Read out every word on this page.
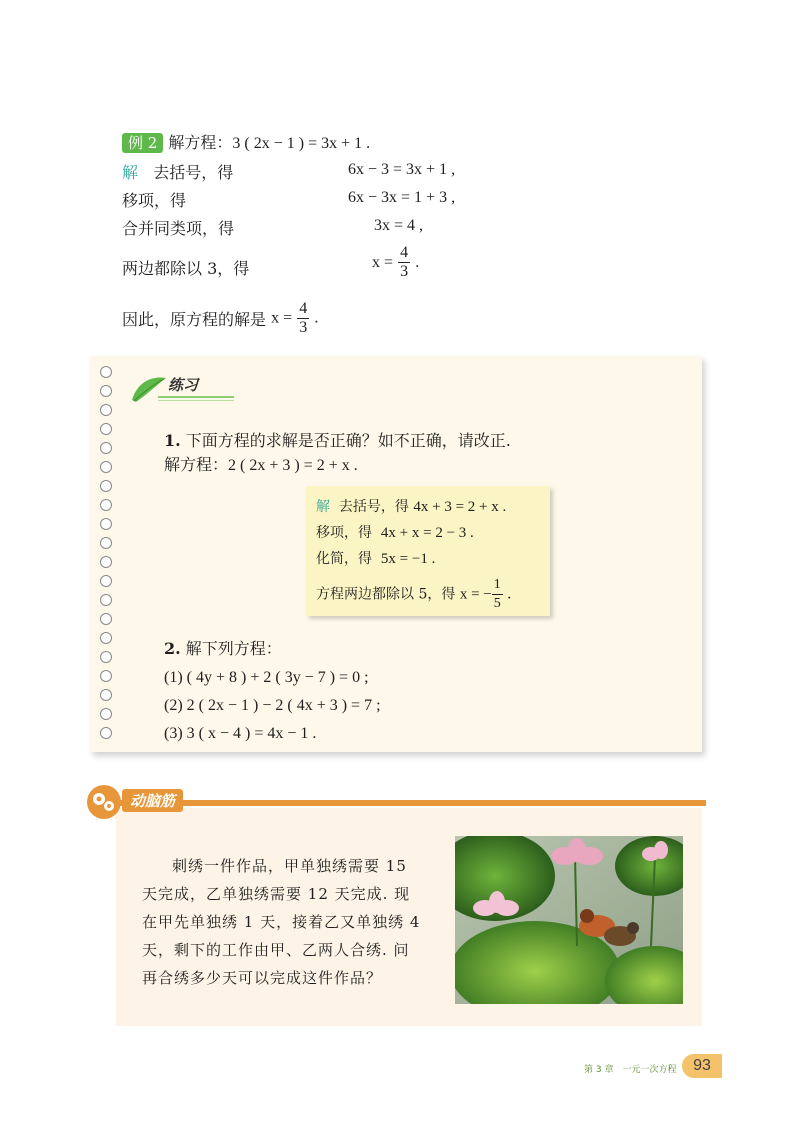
例 2 解方程：3 ( 2x − 1 ) = 3x + 1 .
解 去括号，得	6x − 3 = 3x + 1 ,
移项，得	6x − 3x = 1 + 3 ,
合并同类项，得	3x = 4 ,
两边都除以 3，得	$x = \frac{4}{3}$ .
因此，原方程的解是 $x = \frac{4}{3}$ .
练习
1. 下面方程的求解是否正确？如不正确，请改正.
解方程：2 ( 2x + 3 ) = 2 + x .
解 去括号，得 4x + 3 = 2 + x .
移项，得 4x + x = 2 − 3 .
化简，得 5x = −1 .
方程两边都除以 5，得 x = − $\frac{1}{5}$ .
2. 解下列方程：
(1) ( 4y + 8 ) + 2 ( 3y − 7 ) = 0 ;
(2) 2 ( 2x − 1 ) − 2 ( 4x + 3 ) = 7 ;
(3) 3 ( x − 4 ) = 4x − 1 .
动脑筋
刺绣一件作品，甲单独绣需要 15
天完成，乙单独绣需要 12 天完成. 现
在甲先单独绣 1 天，接着乙又单独绣 4
天，剩下的工作由甲、乙两人合绣. 问
再合绣多少天可以完成这件作品？
第 3 章　一元一次方程	93
